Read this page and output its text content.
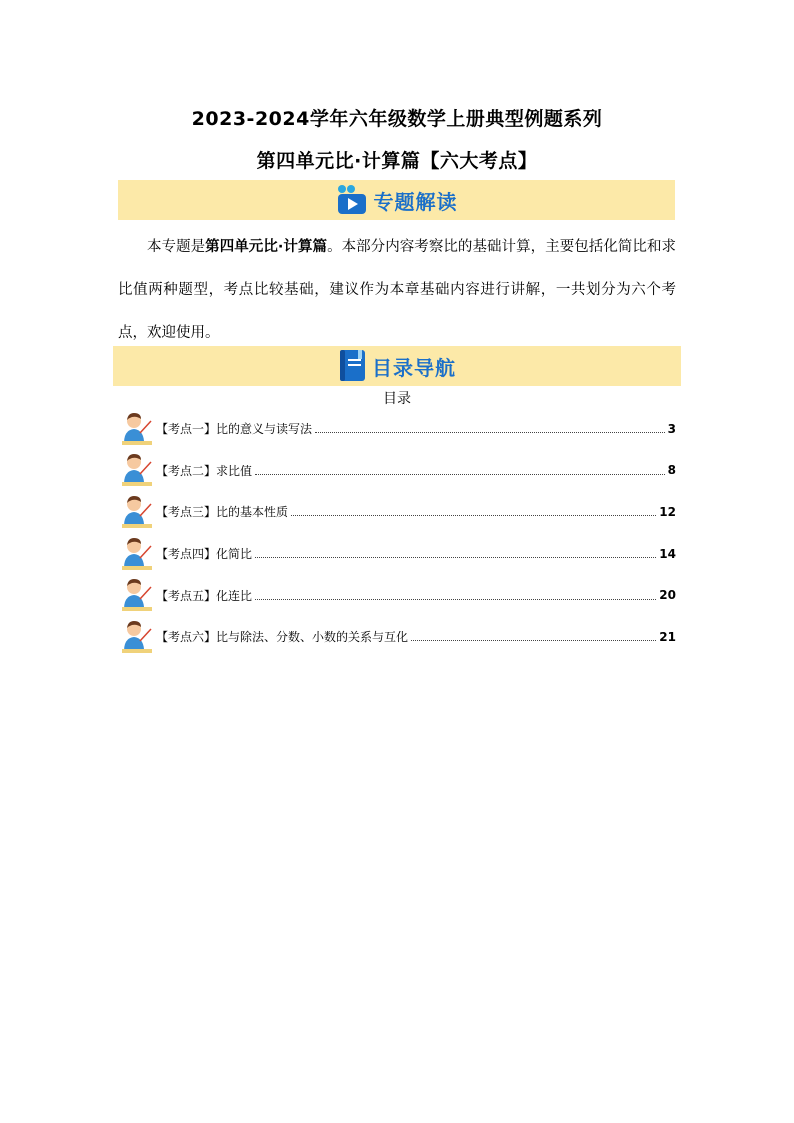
2023-2024学年六年级数学上册典型例题系列
第四单元比·计算篇【六大考点】
专题解读
本专题是第四单元比·计算篇。本部分内容考察比的基础计算，主要包括化简比和求比值两种题型，考点比较基础，建议作为本章基础内容进行讲解，一共划分为六个考点，欢迎使用。
目录导航
目录
【考点一】比的意义与读写法	3
【考点二】求比值	8
【考点三】比的基本性质	12
【考点四】化简比	14
【考点五】化连比	20
【考点六】比与除法、分数、小数的关系与互化	21
